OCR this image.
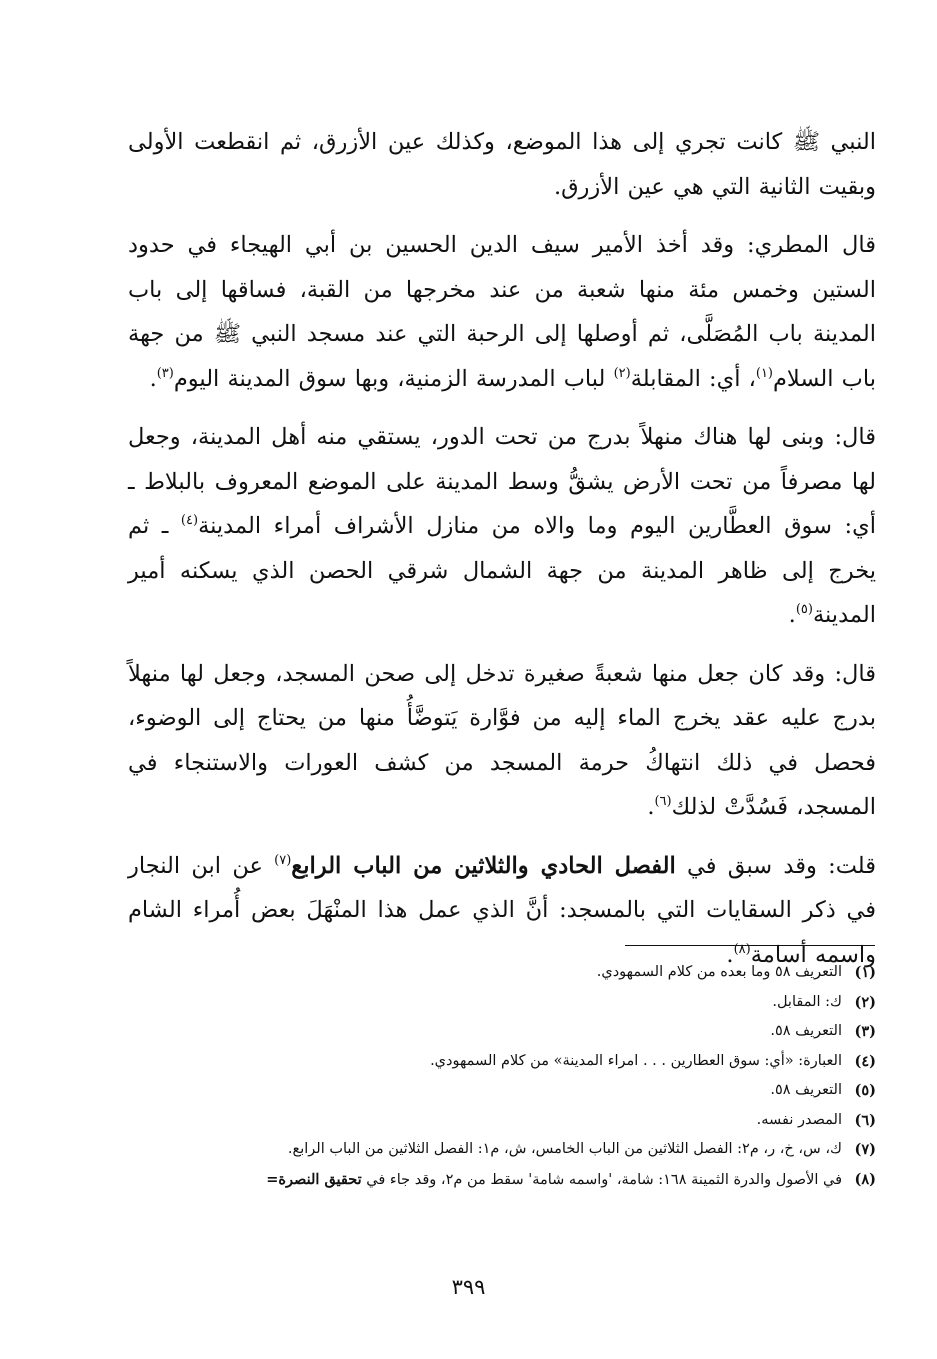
النبي ﷺ كانت تجري إلى هذا الموضع، وكذلك عين الأزرق، ثم انقطعت الأولى وبقيت الثانية التي هي عين الأزرق.

قال المطري: وقد أخذ الأمير سيف الدين الحسين بن أبي الهيجاء في حدود الستين وخمس مئة منها شعبة من عند مخرجها من القبة، فساقها إلى باب المدينة باب المُصَلَّى، ثم أوصلها إلى الرحبة التي عند مسجد النبي ﷺ من جهة باب السلام$^{(١)}$، أي: المقابلة$^{(٢)}$ لباب المدرسة الزمنية، وبها سوق المدينة اليوم$^{(٣)}$.

قال: وبنى لها هناك منهلاً بدرج من تحت الدور، يستقي منه أهل المدينة، وجعل لها مصرفاً من تحت الأرض يشقُّ وسط المدينة على الموضع المعروف بالبلاط ـ أي: سوق العطَّارين اليوم وما والاه من منازل الأشراف أمراء المدينة$^{(٤)}$ ـ ثم يخرج إلى ظاهر المدينة من جهة الشمال شرقي الحصن الذي يسكنه أمير المدينة$^{(٥)}$.

قال: وقد كان جعل منها شعبةً صغيرة تدخل إلى صحن المسجد، وجعل لها منهلاً بدرج عليه عقد يخرج الماء إليه من فوَّارة يَتوضَّأُ منها من يحتاج إلى الوضوء، فحصل في ذلك انتهاكُ حرمة المسجد من كشف العورات والاستنجاء في المسجد، فَسُدَّتْ لذلك$^{(٦)}$.

قلت: وقد سبق في الفصل الحادي والثلاثين من الباب الرابع$^{(٧)}$ عن ابن النجار في ذكر السقايات التي بالمسجد: أنَّ الذي عمل هذا المنْهَلَ بعض أُمراء الشام واسمه أسامة$^{(٨)}$.

(١)
التعريف ٥٨ وما بعده من كلام السمهودي.
(٢)
ك: المقابل.
(٣)
التعريف ٥٨.
(٤)
العبارة: «أي: سوق العطارين . . . امراء المدينة» من كلام السمهودي.
(٥)
التعريف ٥٨.
(٦)
المصدر نفسه.
(٧)
ك، س، خ، ر، م٢: الفصل الثلاثين من الباب الخامس، ش، م١: الفصل الثلاثين من الباب الرابع.
(٨)
في الأصول والدرة الثمينة ١٦٨: شامة، 'واسمه شامة' سقط من م٢، وقد جاء في تحقيق النصرة=
٣٩٩
